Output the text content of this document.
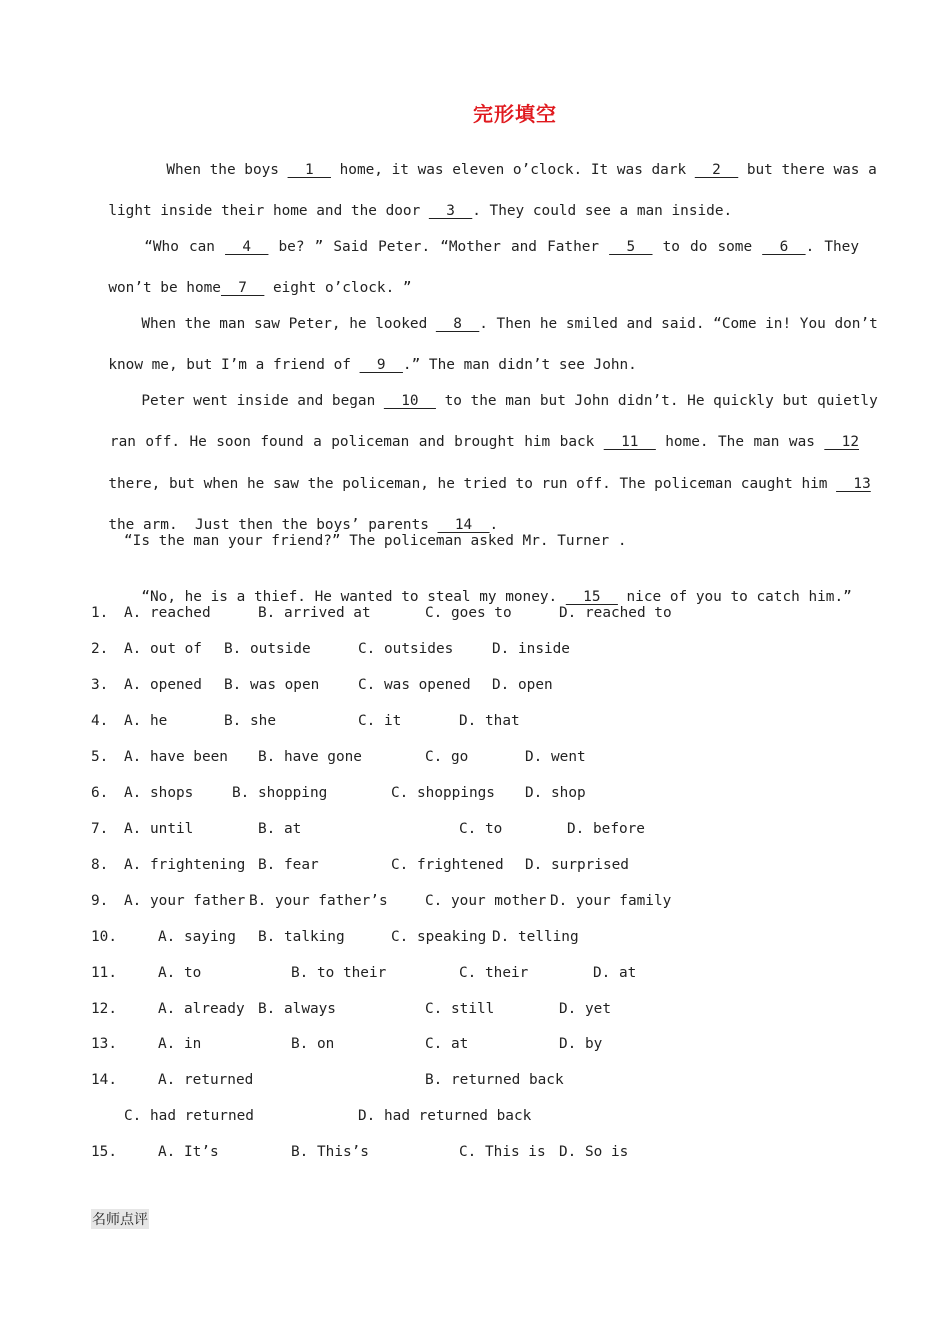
完形填空

When the boys __1__ home, it was eleven o’clock. It was dark __2__ but there was a

light inside their home and the door __3__. They could see a man inside.

“Who can __4__ be? ” Said Peter. “Mother and Father __5__ to do some __6__. They

won’t be home__7__ eight o’clock. ”

When the man saw Peter, he looked __8__. Then he smiled and said. “Come in! You don’t

know me, but I’m a friend of __9__.” The man didn’t see John.

Peter went inside and began __10__ to the man but John didn’t. He quickly but quietly

ran off. He soon found a policeman and brought him back __11__ home. The man was __12

there, but when he saw the policeman, he tried to run off. The policeman caught him __13

the arm.  Just then the boys’ parents __14__.

“Is the man your friend?” The policeman asked Mr. Turner .

“No, he is a thief. He wanted to steal my money. __15__ nice of you to catch him.”

1.

A. reached

	B. arrived at

	C. goes to

	D. reached to

2.

A. out of

B. outside

	C. outsides

	D. inside

3.

A. opened

B. was open

	C. was opened

D. open

4.

A. he

	B. she

	C. it

	D. that

5.

A. have been

B. have gone

	C. go

	D. went

6.

A. shops

	B. shopping

	C. shoppings

D. shop

7.

A. until

	B. at

	C. to

	D. before

8.

A. frightening

B. fear

	C. frightened

D. surprised

9.

A. your father

B. your father’s

	C. your mother

D. your family

10.

	A. saying

B. talking

	C. speaking

D. telling

11.

	A. to

	B. to their

	C. their

	D. at

12.

	A. already

B. always

	C. still

	D. yet

13.

	A. in

	B. on

	C. at

	D. by

14.

	A. returned

	B. returned back

C. had returned

	D. had returned back

15.

	A. It’s

	B. This’s

	C. This is

D. So is

名师点评
